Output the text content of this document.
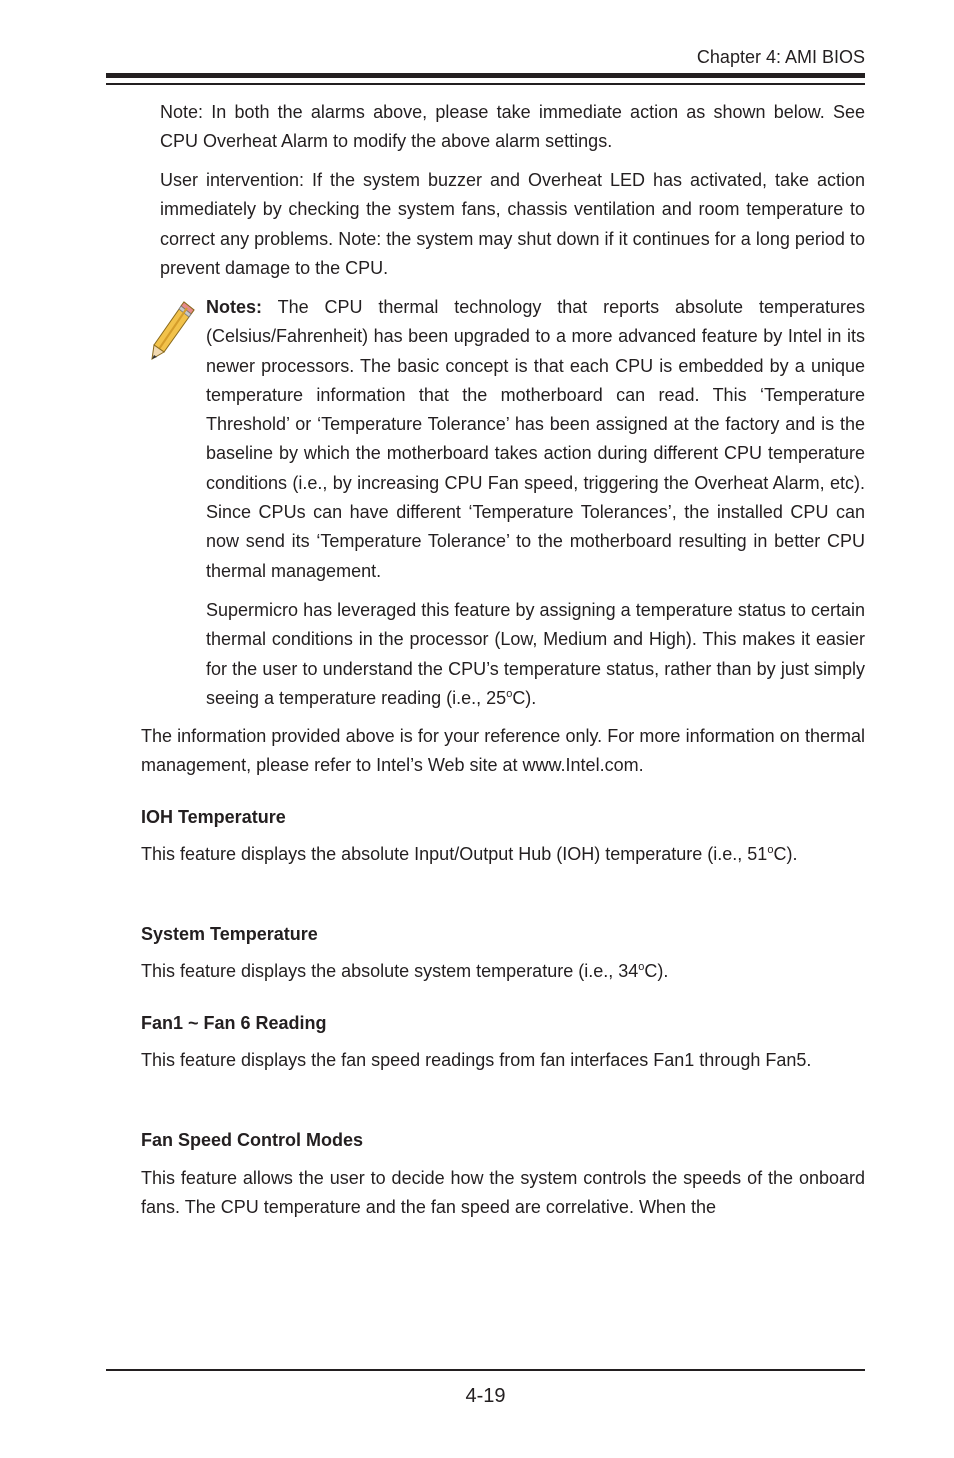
Chapter 4: AMI BIOS

Note: In both the alarms above, please take immediate action as shown below. See CPU Overheat Alarm to modify the above alarm settings.

User intervention: If the system buzzer and Overheat LED has activated, take action immediately by checking the system fans, chassis ventilation and room temperature to correct any problems. Note: the system may shut down if it continues for a long period to prevent damage to the CPU.

Notes: The CPU thermal technology that reports absolute temperatures (Celsius/Fahrenheit) has been upgraded to a more advanced feature by Intel in its newer processors. The basic concept is that each CPU is embedded by a unique temperature information that the motherboard can read. This ‘Temperature Threshold’ or ‘Temperature Tolerance’ has been assigned at the factory and is the baseline by which the motherboard takes action during different CPU temperature conditions (i.e., by increasing CPU Fan speed, triggering the Overheat Alarm, etc). Since CPUs can have different ‘Temperature Tolerances’, the installed CPU can now send its ‘Temperature Tolerance’ to the motherboard resulting in better CPU thermal management.

Supermicro has leveraged this feature by assigning a temperature status to certain thermal conditions in the processor (Low, Medium and High). This makes it easier for the user to understand the CPU’s temperature status, rather than by just simply seeing a temperature reading (i.e., 25$^o$C).

The information provided above is for your reference only. For more information on thermal management, please refer to Intel’s Web site at www.Intel.com.

IOH Temperature

This feature displays the absolute Input/Output Hub (IOH) temperature (i.e., 51$^o$C).

System Temperature

This feature displays the absolute system temperature (i.e., 34$^o$C).

Fan1 ~ Fan 6 Reading

This feature displays the fan speed readings from fan interfaces Fan1 through Fan5.

Fan Speed Control Modes

This feature allows the user to decide how the system controls the speeds of the onboard fans. The CPU temperature and the fan speed are correlative. When the

4-19
